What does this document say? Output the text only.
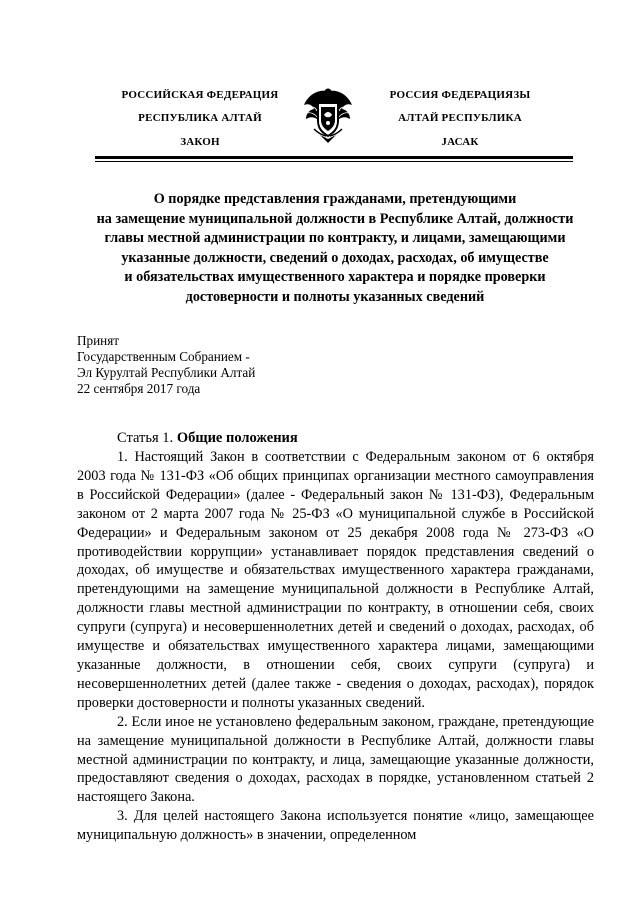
РОССИЙСКАЯ ФЕДЕРАЦИЯ
РЕСПУБЛИКА АЛТАЙ
ЗАКОН
РОССИЯ ФЕДЕРАЦИЯЗЫ
АЛТАЙ РЕСПУБЛИКА
JАСАК
О порядке представления гражданами, претендующими
на замещение муниципальной должности в Республике Алтай, должности
главы местной администрации по контракту, и лицами, замещающими
указанные должности, сведений о доходах, расходах, об имуществе
и обязательствах имущественного характера и порядке проверки
достоверности и полноты указанных сведений
Принят
Государственным Собранием -
Эл Курултай Республики Алтай
22 сентября 2017 года
Статья 1. Общие положения

1. Настоящий Закон в соответствии с Федеральным законом от 6 октября 2003 года № 131-ФЗ «Об общих принципах организации местного самоуправления в Российской Федерации» (далее - Федеральный закон № 131-ФЗ), Федеральным законом от 2 марта 2007 года № 25-ФЗ «О муниципальной службе в Российской Федерации» и Федеральным законом от 25 декабря 2008 года № 273-ФЗ «О противодействии коррупции» устанавливает порядок представления сведений о доходах, об имуществе и обязательствах имущественного характера гражданами, претендующими на замещение муниципальной должности в Республике Алтай, должности главы местной администрации по контракту, в отношении себя, своих супруги (супруга) и несовершеннолетних детей и сведений о доходах, расходах, об имуществе и обязательствах имущественного характера лицами, замещающими указанные должности, в отношении себя, своих супруги (супруга) и несовершеннолетних детей (далее также - сведения о доходах, расходах), порядок проверки достоверности и полноты указанных сведений.

2. Если иное не установлено федеральным законом, граждане, претендующие на замещение муниципальной должности в Республике Алтай, должности главы местной администрации по контракту, и лица, замещающие указанные должности, предоставляют сведения о доходах, расходах в порядке, установленном статьей 2 настоящего Закона.

3. Для целей настоящего Закона используется понятие «лицо, замещающее муниципальную должность» в значении, определенном
